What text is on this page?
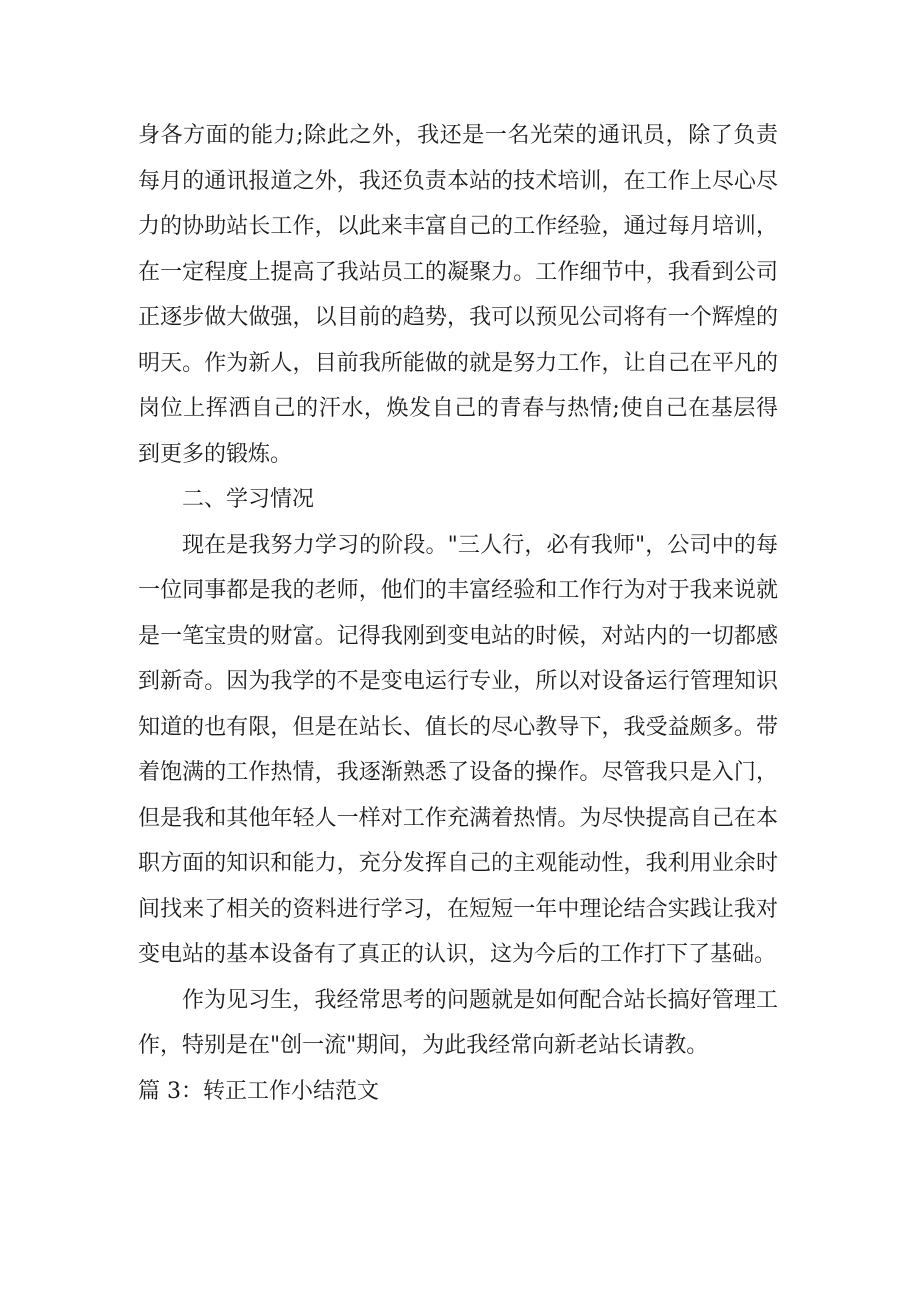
身各方面的能力;除此之外，我还是一名光荣的通讯员，除了负责每月的通讯报道之外，我还负责本站的技术培训，在工作上尽心尽力的协助站长工作，以此来丰富自己的工作经验，通过每月培训，在一定程度上提高了我站员工的凝聚力。工作细节中，我看到公司正逐步做大做强，以目前的趋势，我可以预见公司将有一个辉煌的明天。作为新人，目前我所能做的就是努力工作，让自己在平凡的岗位上挥洒自己的汗水，焕发自己的青春与热情;使自己在基层得到更多的锻炼。

二、学习情况

现在是我努力学习的阶段。"三人行，必有我师"，公司中的每一位同事都是我的老师，他们的丰富经验和工作行为对于我来说就是一笔宝贵的财富。记得我刚到变电站的时候，对站内的一切都感到新奇。因为我学的不是变电运行专业，所以对设备运行管理知识知道的也有限，但是在站长、值长的尽心教导下，我受益颇多。带着饱满的工作热情，我逐渐熟悉了设备的操作。尽管我只是入门，但是我和其他年轻人一样对工作充满着热情。为尽快提高自己在本职方面的知识和能力，充分发挥自己的主观能动性，我利用业余时间找来了相关的资料进行学习，在短短一年中理论结合实践让我对变电站的基本设备有了真正的认识，这为今后的工作打下了基础。

作为见习生，我经常思考的问题就是如何配合站长搞好管理工作，特别是在"创一流"期间，为此我经常向新老站长请教。

篇 3：转正工作小结范文
